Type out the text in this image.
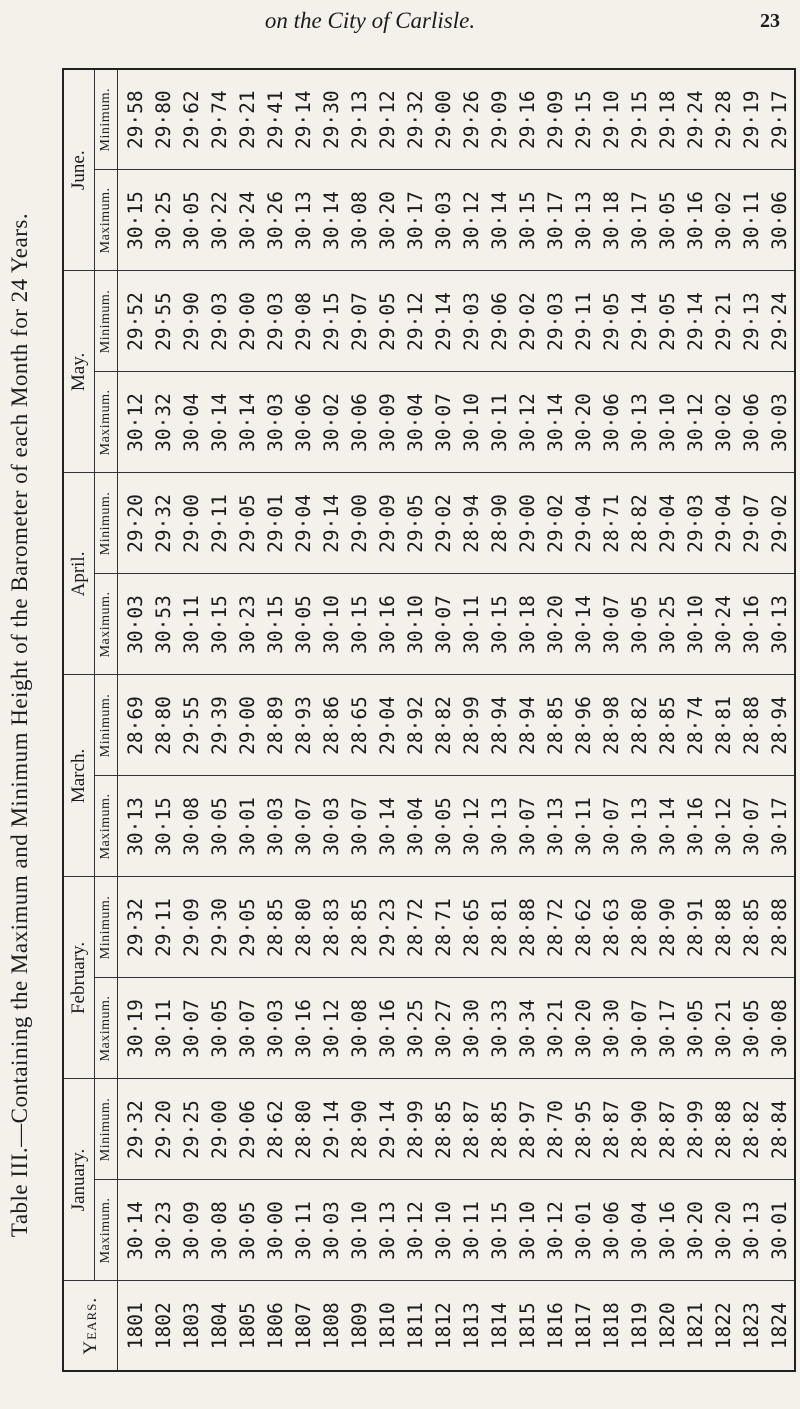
on the City of Carlisle.	23
Table III.—Containing the Maximum and Minimum Height of the Barometer of each Month for 24 Years.
Years.	January.		February.		March.		April.		May.		June.	
	Maximum.	Minimum.	Maximum.	Minimum.	Maximum.	Minimum.	Maximum.	Minimum.	Maximum.	Minimum.	Maximum.	Minimum.
1801	30·14	29·32	30·19	29·32	30·13	28·69	30·03	29·20	30·12	29·52	30·15	29·58
1802	30·23	29·20	30·11	29·11	30·15	28·80	30·53	29·32	30·32	29·55	30·25	29·80
1803	30·09	29·25	30·07	29·09	30·08	29·55	30·11	29·00	30·04	29·90	30·05	29·62
1804	30·08	29·00	30·05	29·30	30·05	29·39	30·15	29·11	30·14	29·03	30·22	29·74
1805	30·05	29·06	30·07	29·05	30·01	29·00	30·23	29·05	30·14	29·00	30·24	29·21
1806	30·00	28·62	30·03	28·85	30·03	28·89	30·15	29·01	30·03	29·03	30·26	29·41
1807	30·11	28·80	30·16	28·80	30·07	28·93	30·05	29·04	30·06	29·08	30·13	29·14
1808	30·03	29·14	30·12	28·83	30·03	28·86	30·10	29·14	30·02	29·15	30·14	29·30
1809	30·10	28·90	30·08	28·85	30·07	28·65	30·15	29·00	30·06	29·07	30·08	29·13
1810	30·13	29·14	30·16	29·23	30·14	29·04	30·16	29·09	30·09	29·05	30·20	29·12
1811	30·12	28·99	30·25	28·72	30·04	28·92	30·10	29·05	30·04	29·12	30·17	29·32
1812	30·10	28·85	30·27	28·71	30·05	28·82	30·07	29·02	30·07	29·14	30·03	29·00
1813	30·11	28·87	30·30	28·65	30·12	28·99	30·11	28·94	30·10	29·03	30·12	29·26
1814	30·15	28·85	30·33	28·81	30·13	28·94	30·15	28·90	30·11	29·06	30·14	29·09
1815	30·10	28·97	30·34	28·88	30·07	28·94	30·18	29·00	30·12	29·02	30·15	29·16
1816	30·12	28·70	30·21	28·72	30·13	28·85	30·20	29·02	30·14	29·03	30·17	29·09
1817	30·01	28·95	30·20	28·62	30·11	28·96	30·14	29·04	30·20	29·11	30·13	29·15
1818	30·06	28·87	30·30	28·63	30·07	28·98	30·07	28·71	30·06	29·05	30·18	29·10
1819	30·04	28·90	30·07	28·80	30·13	28·82	30·05	28·82	30·13	29·14	30·17	29·15
1820	30·16	28·87	30·17	28·90	30·14	28·85	30·25	29·04	30·10	29·05	30·05	29·18
1821	30·20	28·99	30·05	28·91	30·16	28·74	30·10	29·03	30·12	29·14	30·16	29·24
1822	30·20	28·88	30·21	28·88	30·12	28·81	30·24	29·04	30·02	29·21	30·02	29·28
1823	30·13	28·82	30·05	28·85	30·07	28·88	30·16	29·07	30·06	29·13	30·11	29·19
1824	30·01	28·84	30·08	28·88	30·17	28·94	30·13	29·02	30·03	29·24	30·06	29·17
